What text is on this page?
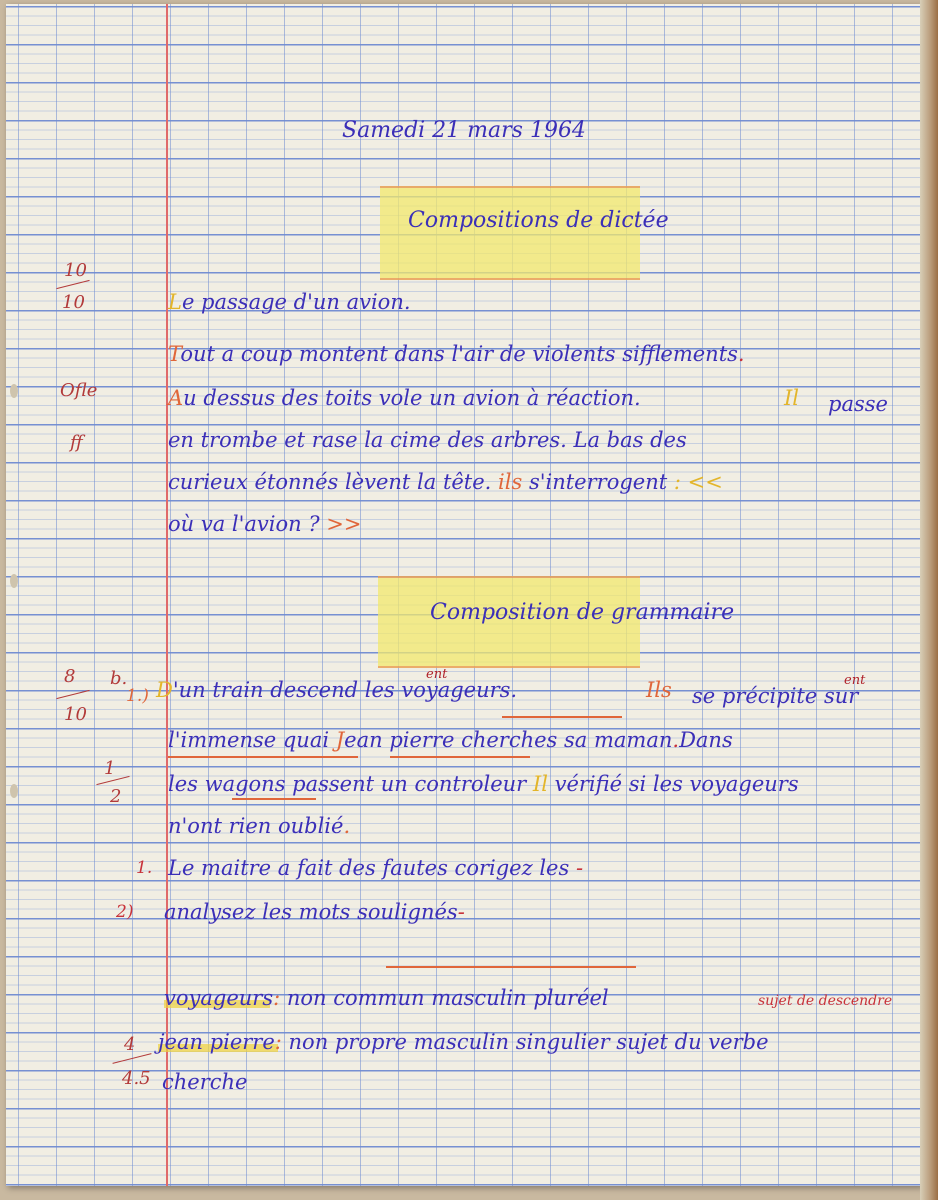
Samedi 21 mars 1964
Compositions de dictée
10
10
Ofle
ff
Le passage d'un avion.
Tout a coup montent dans l'air de violents sifflements.
Au dessus des toits vole un avion à réaction.	Il passe
en trombe et rase la cime des arbres. La bas des
curieux étonnés lèvent la tête. ils s'interrogent : <<
où va l'avion ? >>
Composition de grammaire
8
10
b.
1
2
1.) D'un train descend les voyageurs.	Ils se précipite sur
ent	ent
l'immense quai Jean pierre cherches sa maman.Dans
les wagons passent un controleur Il vérifié si les voyageurs
n'ont rien oublié.
1. Le maitre a fait des fautes corigez les -
2) analysez les mots soulignés-
voyageurs: non commun masculin pluréel	sujet de descendre
4
4.5
jean pierre: non propre masculin singulier sujet du verbe
cherche
